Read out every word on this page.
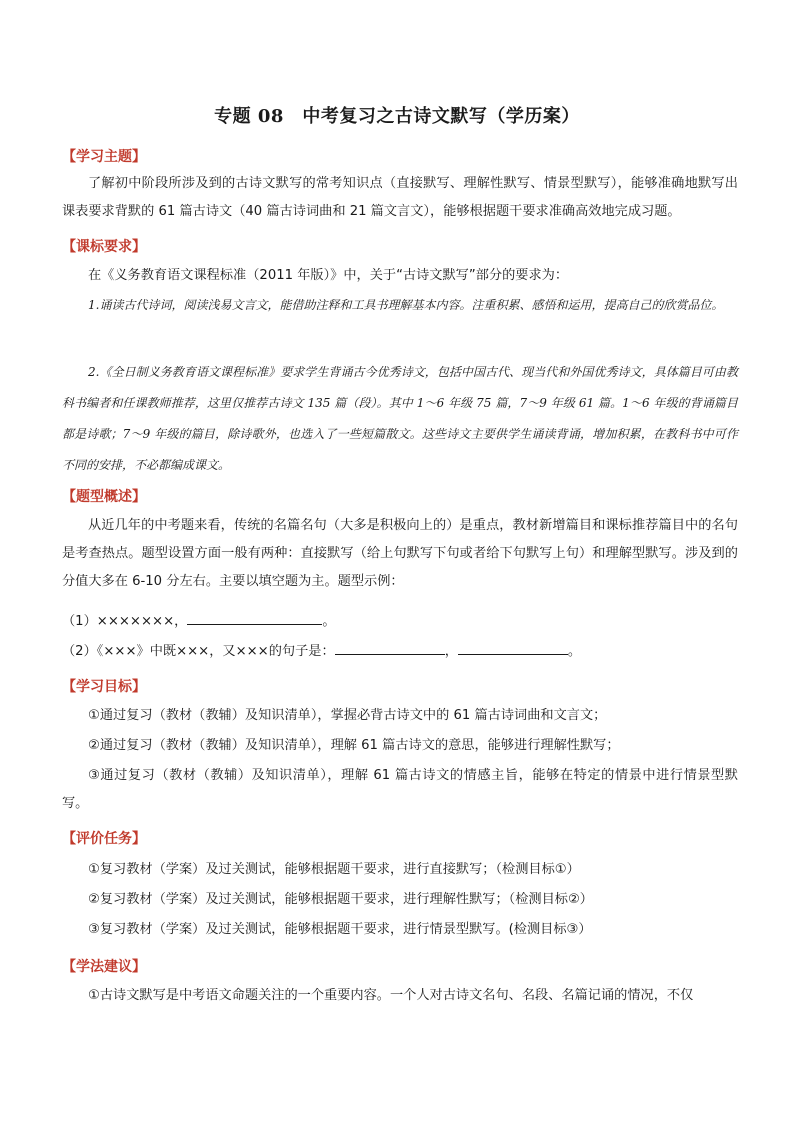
专题 08　中考复习之古诗文默写（学历案）
【学习主题】
了解初中阶段所涉及到的古诗文默写的常考知识点（直接默写、理解性默写、情景型默写），能够准确地默写出课表要求背默的 61 篇古诗文（40 篇古诗词曲和 21 篇文言文），能够根据题干要求准确高效地完成习题。
【课标要求】
在《义务教育语文课程标准（2011 年版）》中，关于“古诗文默写”部分的要求为：
1.诵读古代诗词，阅读浅易文言文，能借助注释和工具书理解基本内容。注重积累、感悟和运用，提高自己的欣赏品位。
2.《全日制义务教育语文课程标准》要求学生背诵古今优秀诗文，包括中国古代、现当代和外国优秀诗文，具体篇目可由教科书编者和任课教师推荐，这里仅推荐古诗文 135 篇（段）。其中 1～6 年级 75 篇，7～9 年级 61 篇。1～6 年级的背诵篇目都是诗歌；7～9 年级的篇目，除诗歌外，也选入了一些短篇散文。这些诗文主要供学生诵读背诵，增加积累，在教科书中可作不同的安排，不必都编成课文。
【题型概述】
从近几年的中考题来看，传统的名篇名句（大多是积极向上的）是重点，教材新增篇目和课标推荐篇目中的名句是考查热点。题型设置方面一般有两种：直接默写（给上句默写下句或者给下句默写上句）和理解型默写。涉及到的分值大多在 6-10 分左右。主要以填空题为主。题型示例：
（1）×××××××，	。
（2）《×××》中既×××，又×××的句子是：	，	。
【学习目标】
①通过复习（教材（教辅）及知识清单），掌握必背古诗文中的 61 篇古诗词曲和文言文；
②通过复习（教材（教辅）及知识清单），理解 61 篇古诗文的意思，能够进行理解性默写；
③通过复习（教材（教辅）及知识清单），理解 61 篇古诗文的情感主旨，能够在特定的情景中进行情景型默写。
【评价任务】
①复习教材（学案）及过关测试，能够根据题干要求，进行直接默写；（检测目标①）
②复习教材（学案）及过关测试，能够根据题干要求，进行理解性默写；（检测目标②）
③复习教材（学案）及过关测试，能够根据题干要求，进行情景型默写。(检测目标③）
【学法建议】
①古诗文默写是中考语文命题关注的一个重要内容。一个人对古诗文名句、名段、名篇记诵的情况，不仅
